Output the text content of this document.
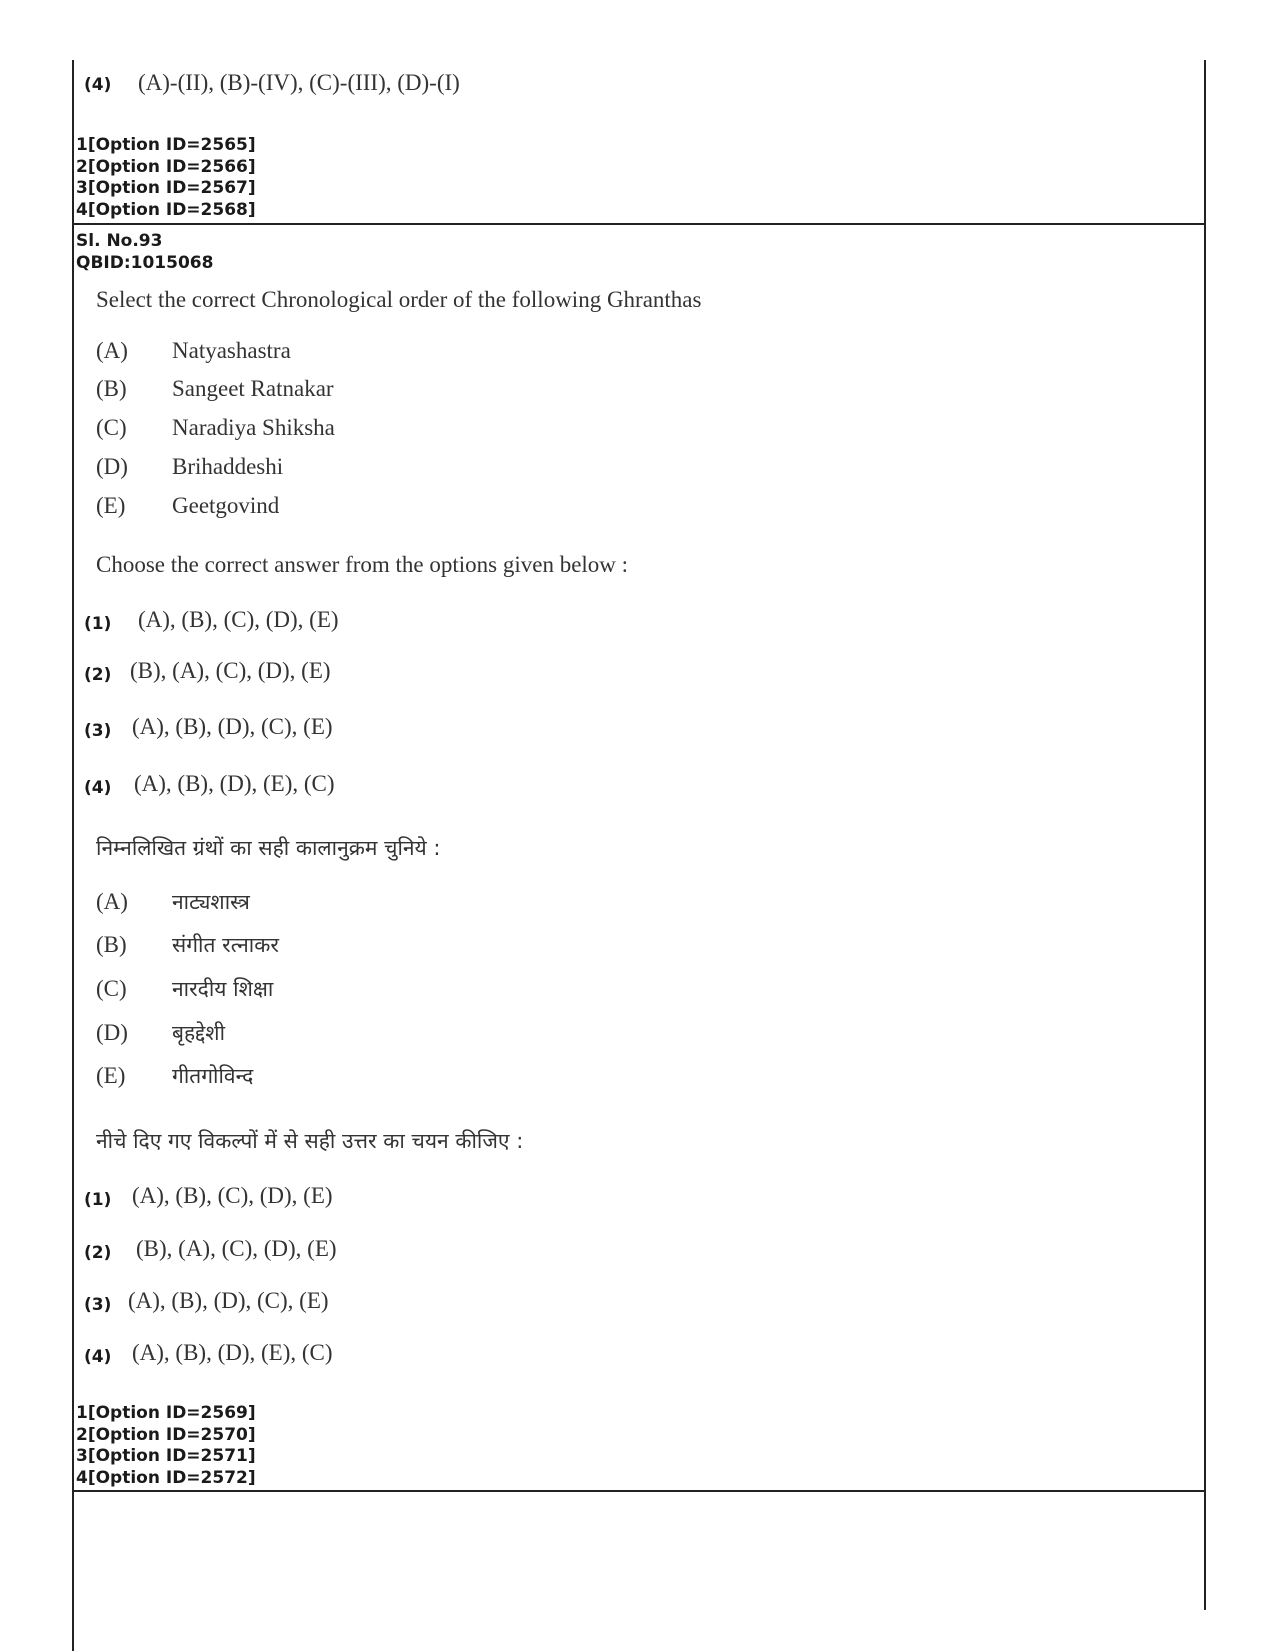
(4) (A)-(II), (B)-(IV), (C)-(III), (D)-(I)
1[Option ID=2565]
2[Option ID=2566]
3[Option ID=2567]
4[Option ID=2568]
Sl. No.93
QBID:1015068
Select the correct Chronological order of the following Ghranthas
(A) Natyashastra
(B) Sangeet Ratnakar
(C) Naradiya Shiksha
(D) Brihaddeshi
(E) Geetgovind
Choose the correct answer from the options given below :
(1) (A), (B), (C), (D), (E)
(2) (B), (A), (C), (D), (E)
(3) (A), (B), (D), (C), (E)
(4) (A), (B), (D), (E), (C)
निम्नलिखित ग्रंथों का सही कालानुक्रम चुनिये :
(A) नाट्यशास्त्र
(B) संगीत रत्नाकर
(C) नारदीय शिक्षा
(D) बृहद्देशी
(E) गीतगोविन्द
नीचे दिए गए विकल्पों में से सही उत्तर का चयन कीजिए :
(1) (A), (B), (C), (D), (E)
(2) (B), (A), (C), (D), (E)
(3) (A), (B), (D), (C), (E)
(4) (A), (B), (D), (E), (C)
1[Option ID=2569]
2[Option ID=2570]
3[Option ID=2571]
4[Option ID=2572]
